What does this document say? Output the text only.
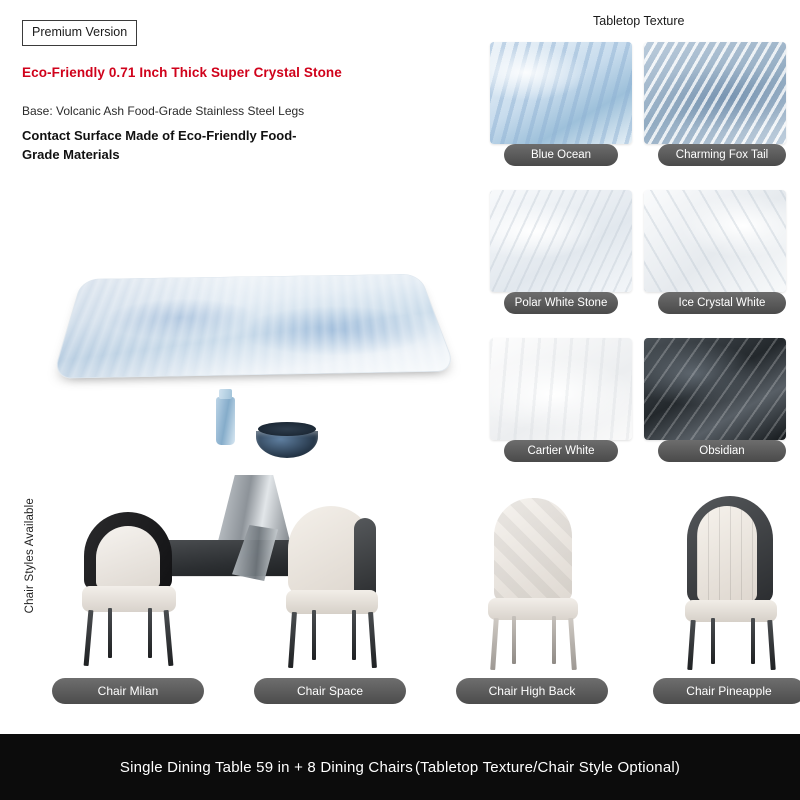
Premium Version
Eco-Friendly 0.71 Inch Thick Super Crystal Stone
Base: Volcanic Ash Food-Grade Stainless Steel Legs
Contact Surface Made of Eco-Friendly Food-Grade Materials
Tabletop Texture
Blue Ocean	Charming Fox Tail
Polar White Stone	Ice Crystal White
Cartier White	Obsidian
Chair Styles Available
Chair Milan	Chair Space	Chair High Back	Chair Pineapple
Single Dining Table 59 in + 8 Dining Chairs (Tabletop Texture/Chair Style Optional)
